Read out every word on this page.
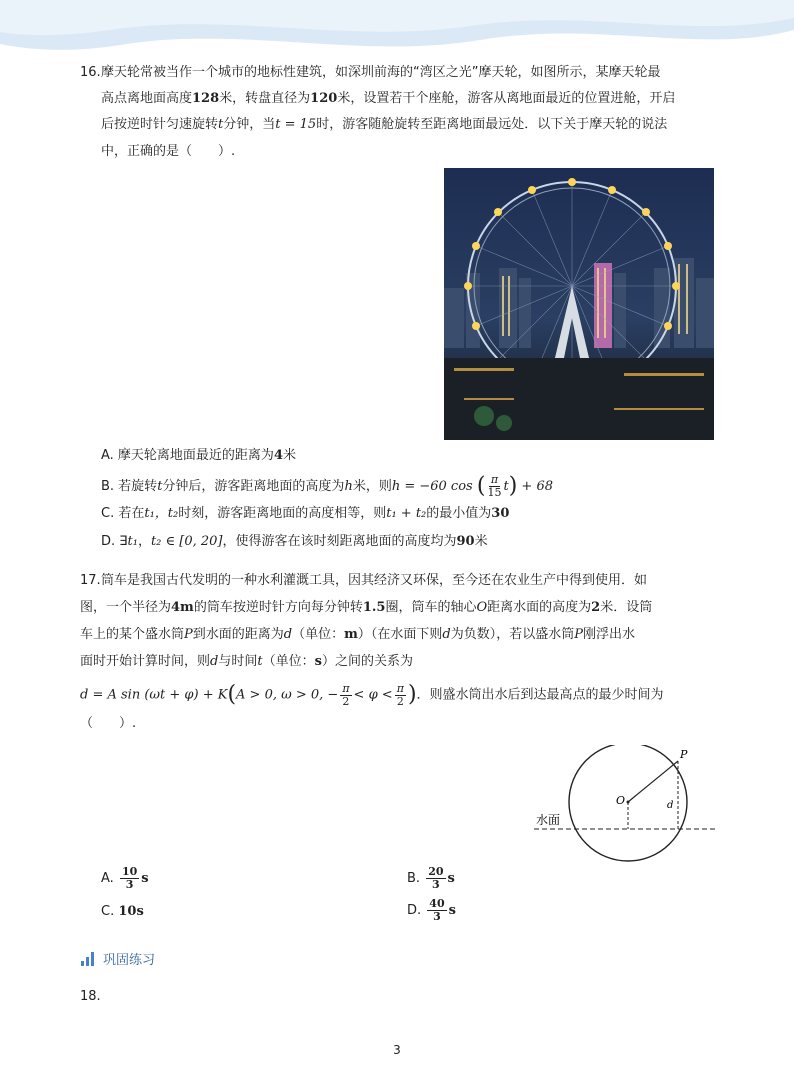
16. 摩天轮常被当作一个城市的地标性建筑，如深圳前海的“湾区之光”摩天轮，如图所示，某摩天轮最
高点离地面高度128米，转盘直径为120米，设置若干个座舱，游客从离地面最近的位置进舱，开启
后按逆时针匀速旋转t分钟，当t = 15时，游客随舱旋转至距离地面最远处．以下关于摩天轮的说法
中，正确的是（　　）.
A. 摩天轮离地面最近的距离为4米
B. 若旋转t分钟后，游客距离地面的高度为h米，则h = −60 cos ( $\frac{\pi}{15} t) + 68$
C. 若在t₁，t₂时刻，游客距离地面的高度相等，则t₁ + t₂的最小值为30
D. ∃t₁，t₂ ∈ [0, 20]，使得游客在该时刻距离地面的高度均为90米
17. 筒车是我国古代发明的一种水利灌溉工具，因其经济又环保，至今还在农业生产中得到使用．如
图，一个半径为4m的筒车按逆时针方向每分钟转1.5圈，筒车的轴心O距离水面的高度为2米．设筒
车上的某个盛水筒P到水面的距离为d（单位：m）（在水面下则d为负数），若以盛水筒P刚浮出水
面时开始计算时间，则d与时间t（单位：s）之间的关系为
d = A sin (ωt + φ) + K(A > 0, ω > 0, − $\frac{\pi}{2} < \varphi < \frac{\pi}{2}$ )．则盛水筒出水后到达最高点的最少时间为
（　　）.
P
O	d
水面
A. $\frac{10}{3}$ s	B. $\frac{20}{3}$ s
C. 10s	D. $\frac{40}{3}$ s
巩固练习
18.
3
